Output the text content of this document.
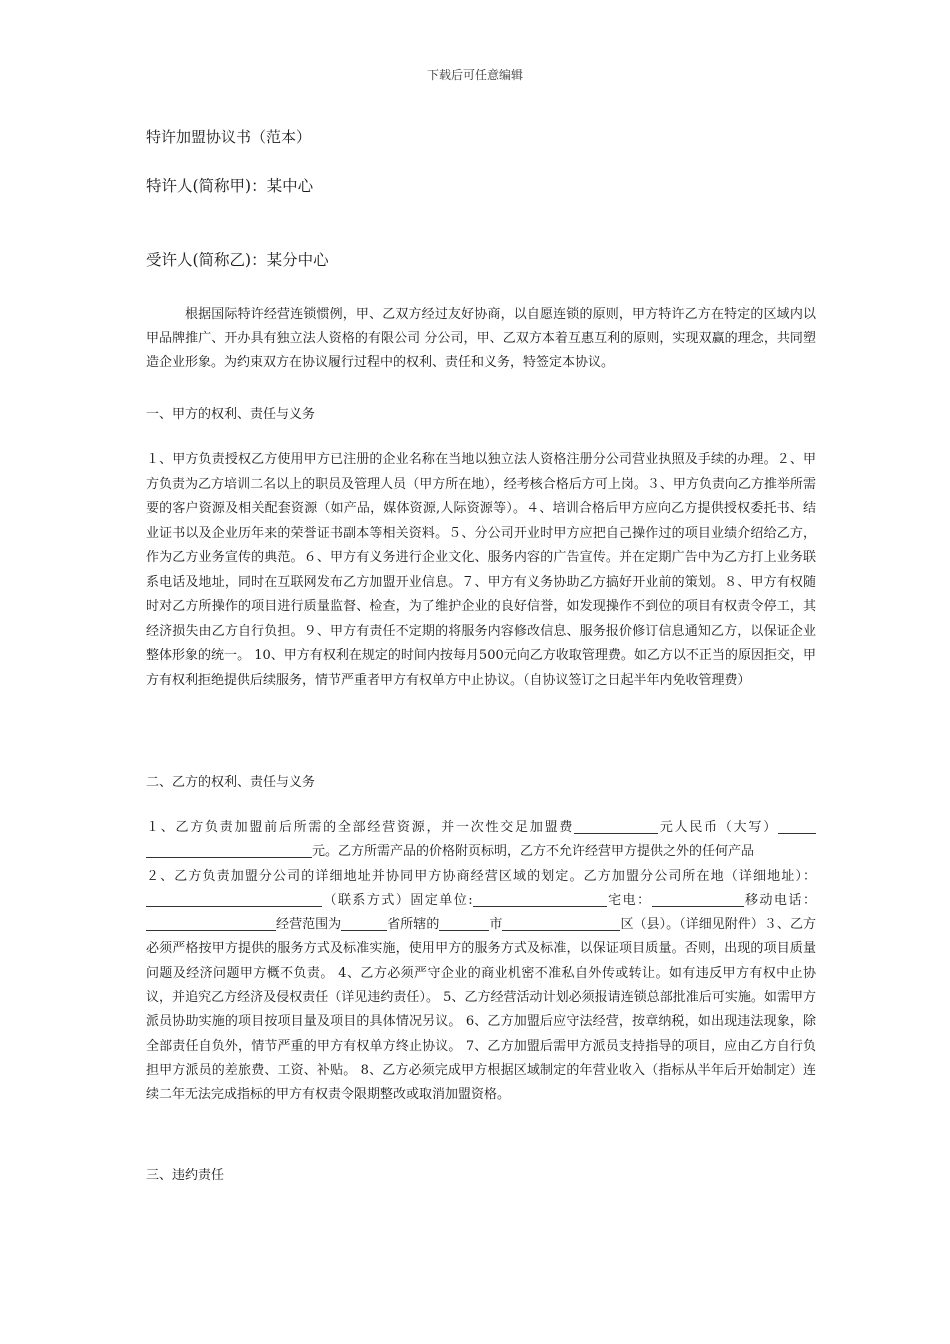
下载后可任意编辑
特许加盟协议书（范本）
特许人(简称甲)：某中心
受许人(简称乙)：某分中心

根据国际特许经营连锁惯例，甲、乙双方经过友好协商，以自愿连锁的原则，甲方特许乙方在特定的区域内以甲品牌推广、开办具有独立法人资格的有限公司 分公司，甲、乙双方本着互惠互利的原则，实现双赢的理念，共同塑造企业形象。为约束双方在协议履行过程中的权利、责任和义务，特签定本协议。

一、甲方的权利、责任与义务

１、甲方负责授权乙方使用甲方已注册的企业名称在当地以独立法人资格注册分公司营业执照及手续的办理。２、甲方负责为乙方培训二名以上的职员及管理人员（甲方所在地），经考核合格后方可上岗。３、甲方负责向乙方推举所需要的客户资源及相关配套资源（如产品，媒体资源,人际资源等）。４、培训合格后甲方应向乙方提供授权委托书、结业证书以及企业历年来的荣誉证书副本等相关资料。５、分公司开业时甲方应把自己操作过的项目业绩介绍给乙方，作为乙方业务宣传的典范。６、甲方有义务进行企业文化、服务内容的广告宣传。并在定期广告中为乙方打上业务联系电话及地址，同时在互联网发布乙方加盟开业信息。７、甲方有义务协助乙方搞好开业前的策划。８、甲方有权随时对乙方所操作的项目进行质量监督、检查，为了维护企业的良好信誉，如发现操作不到位的项目有权责令停工，其经济损失由乙方自行负担。９、甲方有责任不定期的将服务内容修改信息、服务报价修订信息通知乙方，以保证企业整体形象的统一。 10、甲方有权利在规定的时间内按每月500元向乙方收取管理费。如乙方以不正当的原因拒交，甲方有权利拒绝提供后续服务，情节严重者甲方有权单方中止协议。（自协议签订之日起半年内免收管理费）

二、乙方的权利、责任与义务

１、乙方负责加盟前后所需的全部经营资源，并一次性交足加盟费	元人民币（大写）元。乙方所需产品的价格附页标明，乙方不允许经营甲方提供之外的任何产品
２、乙方负责加盟分公司的详细地址并协同甲方协商经营区域的划定。乙方加盟分公司所在地（详细地址）：（联系方式）固定单位:	宅电：	移动电话：经营范围为	省所辖的	市	区（县）。（详细见附件）３、乙方必须严格按甲方提供的服务方式及标准实施，使用甲方的服务方式及标准，以保证项目质量。否则，出现的项目质量问题及经济问题甲方概不负责。 4、乙方必须严守企业的商业机密不准私自外传或转让。如有违反甲方有权中止协议，并追究乙方经济及侵权责任（详见违约责任）。 5、乙方经营活动计划必须报请连锁总部批准后可实施。如需甲方派员协助实施的项目按项目量及项目的具体情况另议。 6、乙方加盟后应守法经营，按章纳税，如出现违法现象，除全部责任自负外，情节严重的甲方有权单方终止协议。 7、乙方加盟后需甲方派员支持指导的项目，应由乙方自行负担甲方派员的差旅费、工资、补贴。 8、乙方必须完成甲方根据区域制定的年营业收入（指标从半年后开始制定）连续二年无法完成指标的甲方有权责令限期整改或取消加盟资格。

三、违约责任
